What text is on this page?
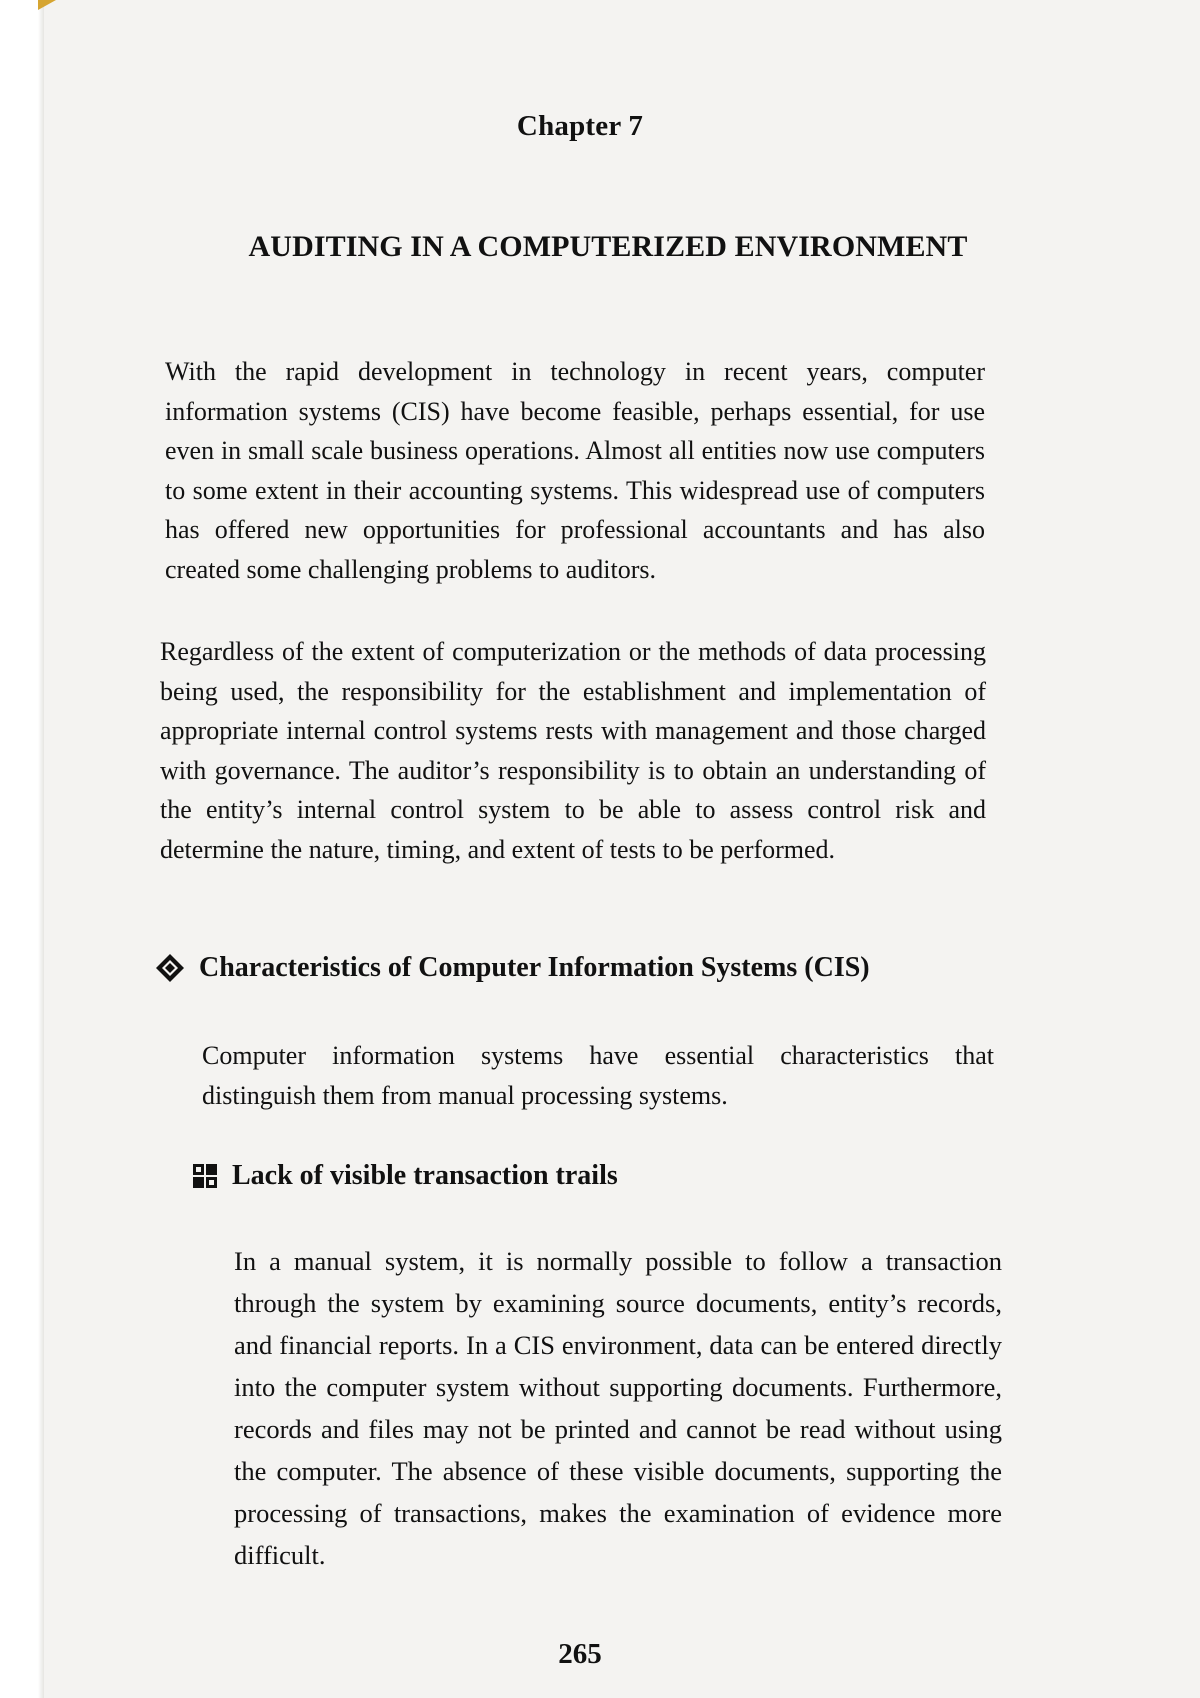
Chapter 7
AUDITING IN A COMPUTERIZED ENVIRONMENT

With the rapid development in technology in recent years, computer information systems (CIS) have become feasible, perhaps essential, for use even in small scale business operations. Almost all entities now use computers to some extent in their accounting systems. This widespread use of computers has offered new opportunities for professional accountants and has also created some challenging problems to auditors.

Regardless of the extent of computerization or the methods of data processing being used, the responsibility for the establishment and implementation of appropriate internal control systems rests with management and those charged with governance. The auditor’s responsibility is to obtain an understanding of the entity’s internal control system to be able to assess control risk and determine the nature, timing, and extent of tests to be performed.

Characteristics of Computer Information Systems (CIS)

Computer information systems have essential characteristics that distinguish them from manual processing systems.

Lack of visible transaction trails

In a manual system, it is normally possible to follow a transaction through the system by examining source documents, entity’s records, and financial reports. In a CIS environment, data can be entered directly into the computer system without supporting documents. Furthermore, records and files may not be printed and cannot be read without using the computer. The absence of these visible documents, supporting the processing of transactions, makes the examination of evidence more difficult.

265
